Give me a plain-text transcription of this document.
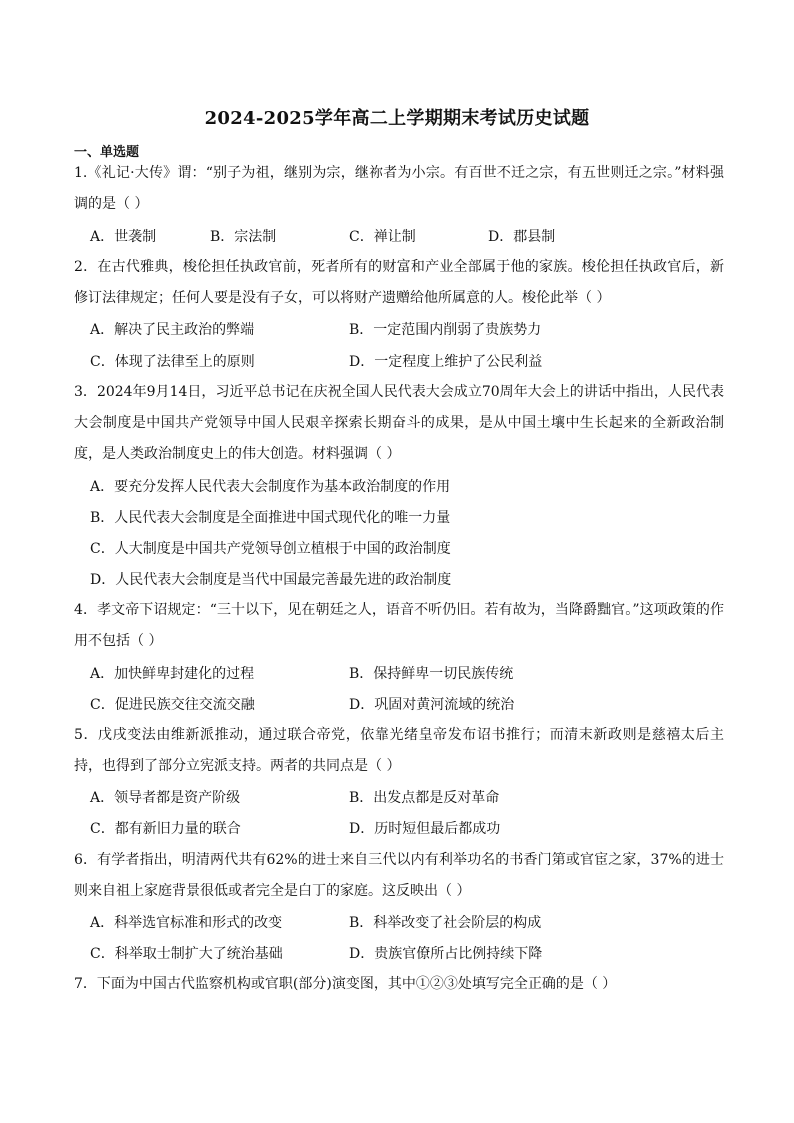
2024-2025学年高二上学期期末考试历史试题
一、单选题
1.《礼记·大传》谓：“别子为祖，继别为宗，继祢者为小宗。有百世不迁之宗，有五世则迁之宗。”材料强调的是（ ）
A．世袭制	B．宗法制	C．禅让制	D．郡县制
2．在古代雅典，梭伦担任执政官前，死者所有的财富和产业全部属于他的家族。梭伦担任执政官后，新修订法律规定；任何人要是没有子女，可以将财产遗赠给他所属意的人。梭伦此举（ ）
A．解决了民主政治的弊端	B．一定范围内削弱了贵族势力
C．体现了法律至上的原则	D．一定程度上维护了公民利益
3．2024年9月14日，习近平总书记在庆祝全国人民代表大会成立70周年大会上的讲话中指出，人民代表大会制度是中国共产党领导中国人民艰辛探索长期奋斗的成果，是从中国土壤中生长起来的全新政治制度，是人类政治制度史上的伟大创造。材料强调（ ）
A．要充分发挥人民代表大会制度作为基本政治制度的作用
B．人民代表大会制度是全面推进中国式现代化的唯一力量
C．人大制度是中国共产党领导创立植根于中国的政治制度
D．人民代表大会制度是当代中国最完善最先进的政治制度
4．孝文帝下诏规定：“三十以下，见在朝廷之人，语音不听仍旧。若有故为，当降爵黜官。”这项政策的作用不包括（ ）
A．加快鲜卑封建化的过程	B．保持鲜卑一切民族传统
C．促进民族交往交流交融	D．巩固对黄河流域的统治
5．戊戌变法由维新派推动，通过联合帝党，依靠光绪皇帝发布诏书推行；而清末新政则是慈禧太后主持，也得到了部分立宪派支持。两者的共同点是（ ）
A．领导者都是资产阶级	B．出发点都是反对革命
C．都有新旧力量的联合	D．历时短但最后都成功
6．有学者指出，明清两代共有62%的进士来自三代以内有利举功名的书香门第或官宦之家，37%的进士则来自祖上家庭背景很低或者完全是白丁的家庭。这反映出（ ）
A．科举选官标准和形式的改变	B．科举改变了社会阶层的构成
C．科举取士制扩大了统治基础	D．贵族官僚所占比例持续下降
7．下面为中国古代监察机构或官职(部分)演变图，其中①②③处填写完全正确的是（ ）
